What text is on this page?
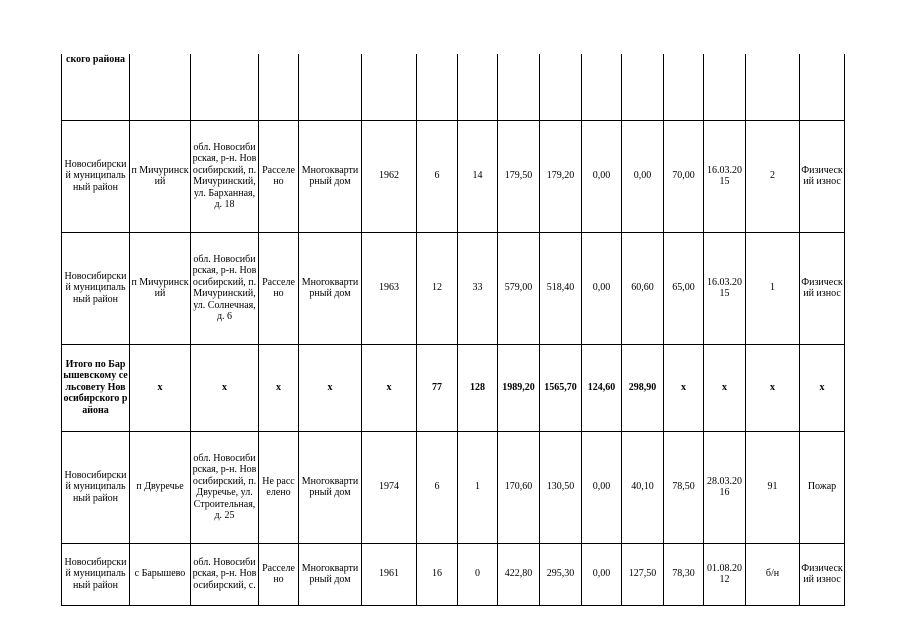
ского района															
Новосибирский муниципальный район	п Мичуринский	обл. Новосибирская, р-н. Новосибирский, п. Мичуринский, ул. Барханная, д. 18	Расселено	Многоквартирный дом	1962	6	14	179,50	179,20	0,00	0,00	70,00	16.03.2015	2	Физический износ
Новосибирский муниципальный район	п Мичуринский	обл. Новосибирская, р-н. Новосибирский, п. Мичуринский, ул. Солнечная, д. 6	Расселено	Многоквартирный дом	1963	12	33	579,00	518,40	0,00	60,60	65,00	16.03.2015	1	Физический износ
Итого по Барышевскому сельсовету Новосибирского района	x	x	x	x	x	77	128	1989,20	1565,70	124,60	298,90	x	x	x	x
Новосибирский муниципальный район	п Двуречье	обл. Новосибирская, р-н. Новосибирский, п. Двуречье, ул. Строительная, д. 25	Не расселено	Многоквартирный дом	1974	6	1	170,60	130,50	0,00	40,10	78,50	28.03.2016	91	Пожар
Новосибирский муниципальный район	с Барышево	обл. Новосибирская, р-н. Новосибирский, с.	Расселено	Многоквартирный дом	1961	16	0	422,80	295,30	0,00	127,50	78,30	01.08.2012	б/н	Физический износ
